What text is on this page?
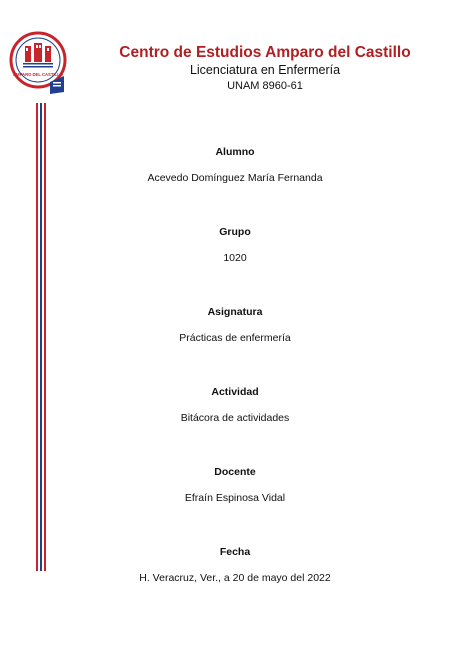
AMPARO DEL CASTILLO
Centro de Estudios Amparo del Castillo
Licenciatura en Enfermería
UNAM 8960-61
Alumno
Acevedo Domínguez María Fernanda
Grupo
1020
Asignatura
Prácticas de enfermería
Actividad
Bitácora de actividades
Docente
Efraín Espinosa Vidal
Fecha
H. Veracruz, Ver., a 20 de mayo del 2022
